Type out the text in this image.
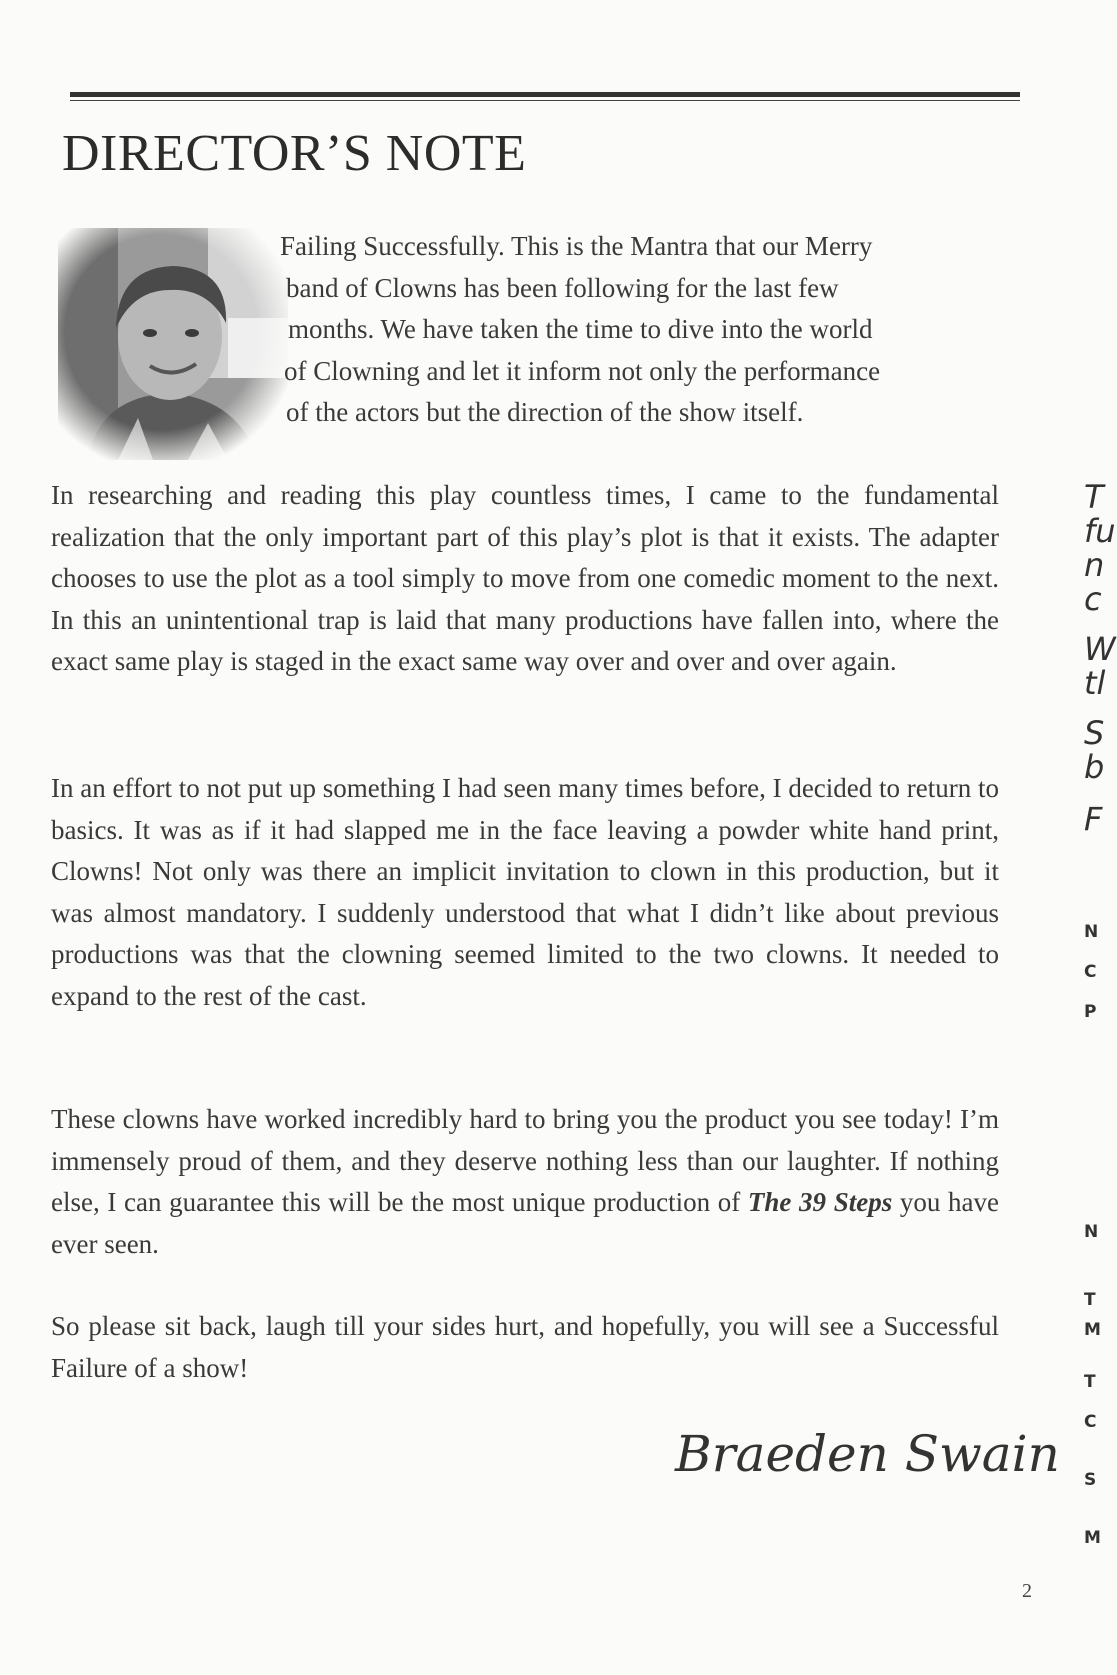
DIRECTOR’S NOTE
Failing Successfully. This is the Mantra that our Merry
band of Clowns has been following for the last few
months. We have taken the time to dive into the world
of Clowning and let it inform not only the performance
of the actors but the direction of the show itself.

In researching and reading this play countless times, I came to the fundamental realization that the only important part of this play’s plot is that it exists. The adapter chooses to use the plot as a tool simply to move from one comedic moment to the next. In this an unintentional trap is laid that many productions have fallen into, where the exact same play is staged in the exact same way over and over and over again.

In an effort to not put up something I had seen many times before, I decided to return to basics. It was as if it had slapped me in the face leaving a powder white hand print, Clowns! Not only was there an implicit invitation to clown in this production, but it was almost mandatory. I suddenly understood that what I didn’t like about previous productions was that the clowning seemed limited to the two clowns. It needed to expand to the rest of the cast.

These clowns have worked incredibly hard to bring you the product you see today! I’m immensely proud of them, and they deserve nothing less than our laughter. If nothing else, I can guarantee this will be the most unique production of The 39 Steps you have ever seen.

So please sit back, laugh till your sides hurt, and hopefully, you will see a Successful Failure of a show!

Braeden Swain
2
T
fu
n
c
W
tl
S
b
F
N
C
P
N
T
M
T
C
S
M
